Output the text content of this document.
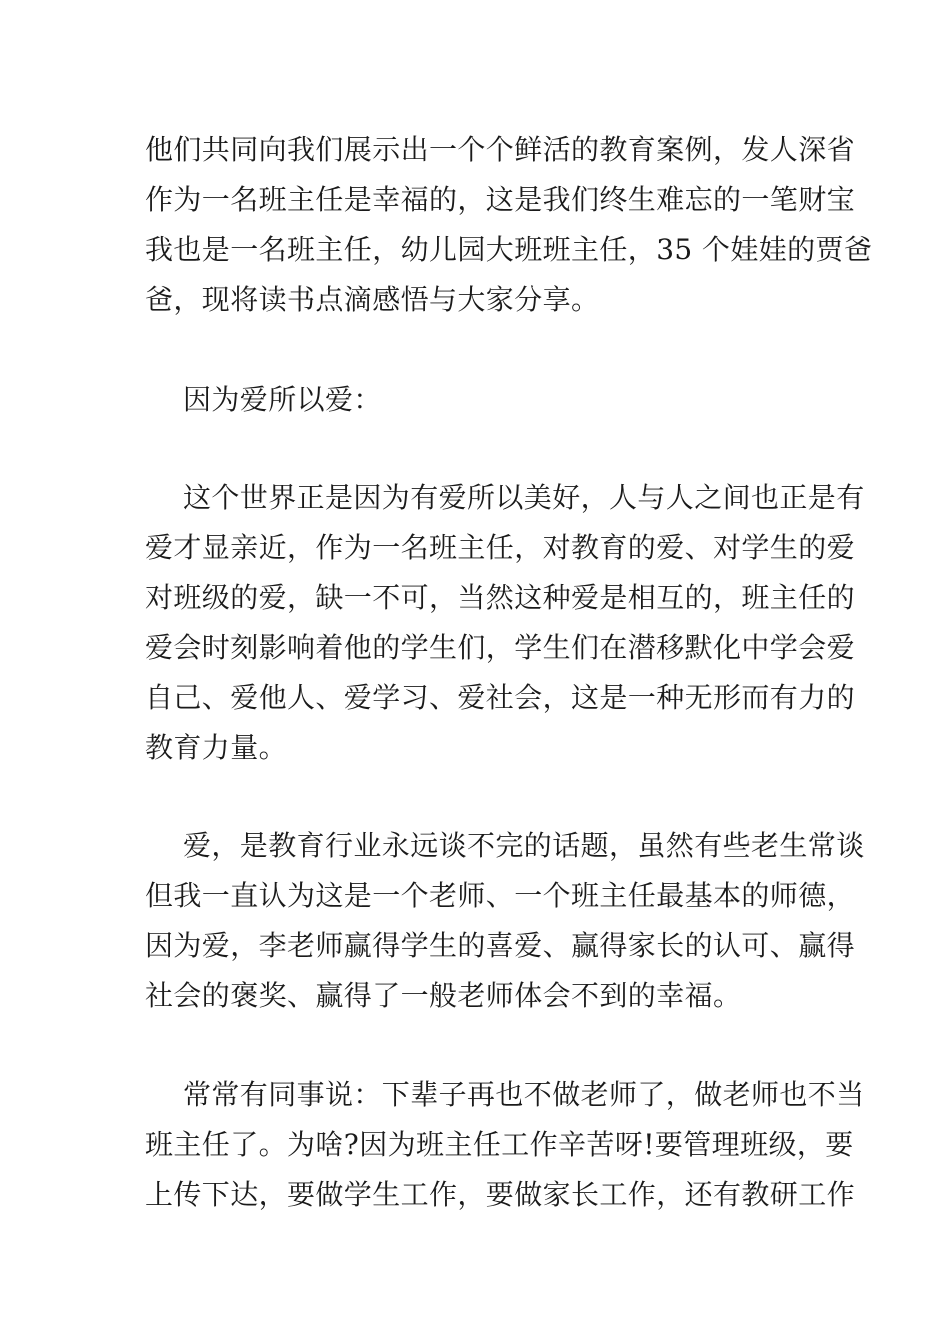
他们共同向我们展示出一个个鲜活的教育案例，发人深省

作为一名班主任是幸福的，这是我们终生难忘的一笔财宝

我也是一名班主任，幼儿园大班班主任，35 个娃娃的贾爸

爸，现将读书点滴感悟与大家分享。

因为爱所以爱：

这个世界正是因为有爱所以美好，人与人之间也正是有

爱才显亲近，作为一名班主任，对教育的爱、对学生的爱

对班级的爱，缺一不可，当然这种爱是相互的，班主任的

爱会时刻影响着他的学生们，学生们在潜移默化中学会爱

自己、爱他人、爱学习、爱社会，这是一种无形而有力的

教育力量。

爱，是教育行业永远谈不完的话题，虽然有些老生常谈

但我一直认为这是一个老师、一个班主任最基本的师德，

因为爱，李老师赢得学生的喜爱、赢得家长的认可、赢得

社会的褒奖、赢得了一般老师体会不到的幸福。

常常有同事说：下辈子再也不做老师了，做老师也不当

班主任了。为啥?因为班主任工作辛苦呀!要管理班级，要

上传下达，要做学生工作，要做家长工作，还有教研工作
